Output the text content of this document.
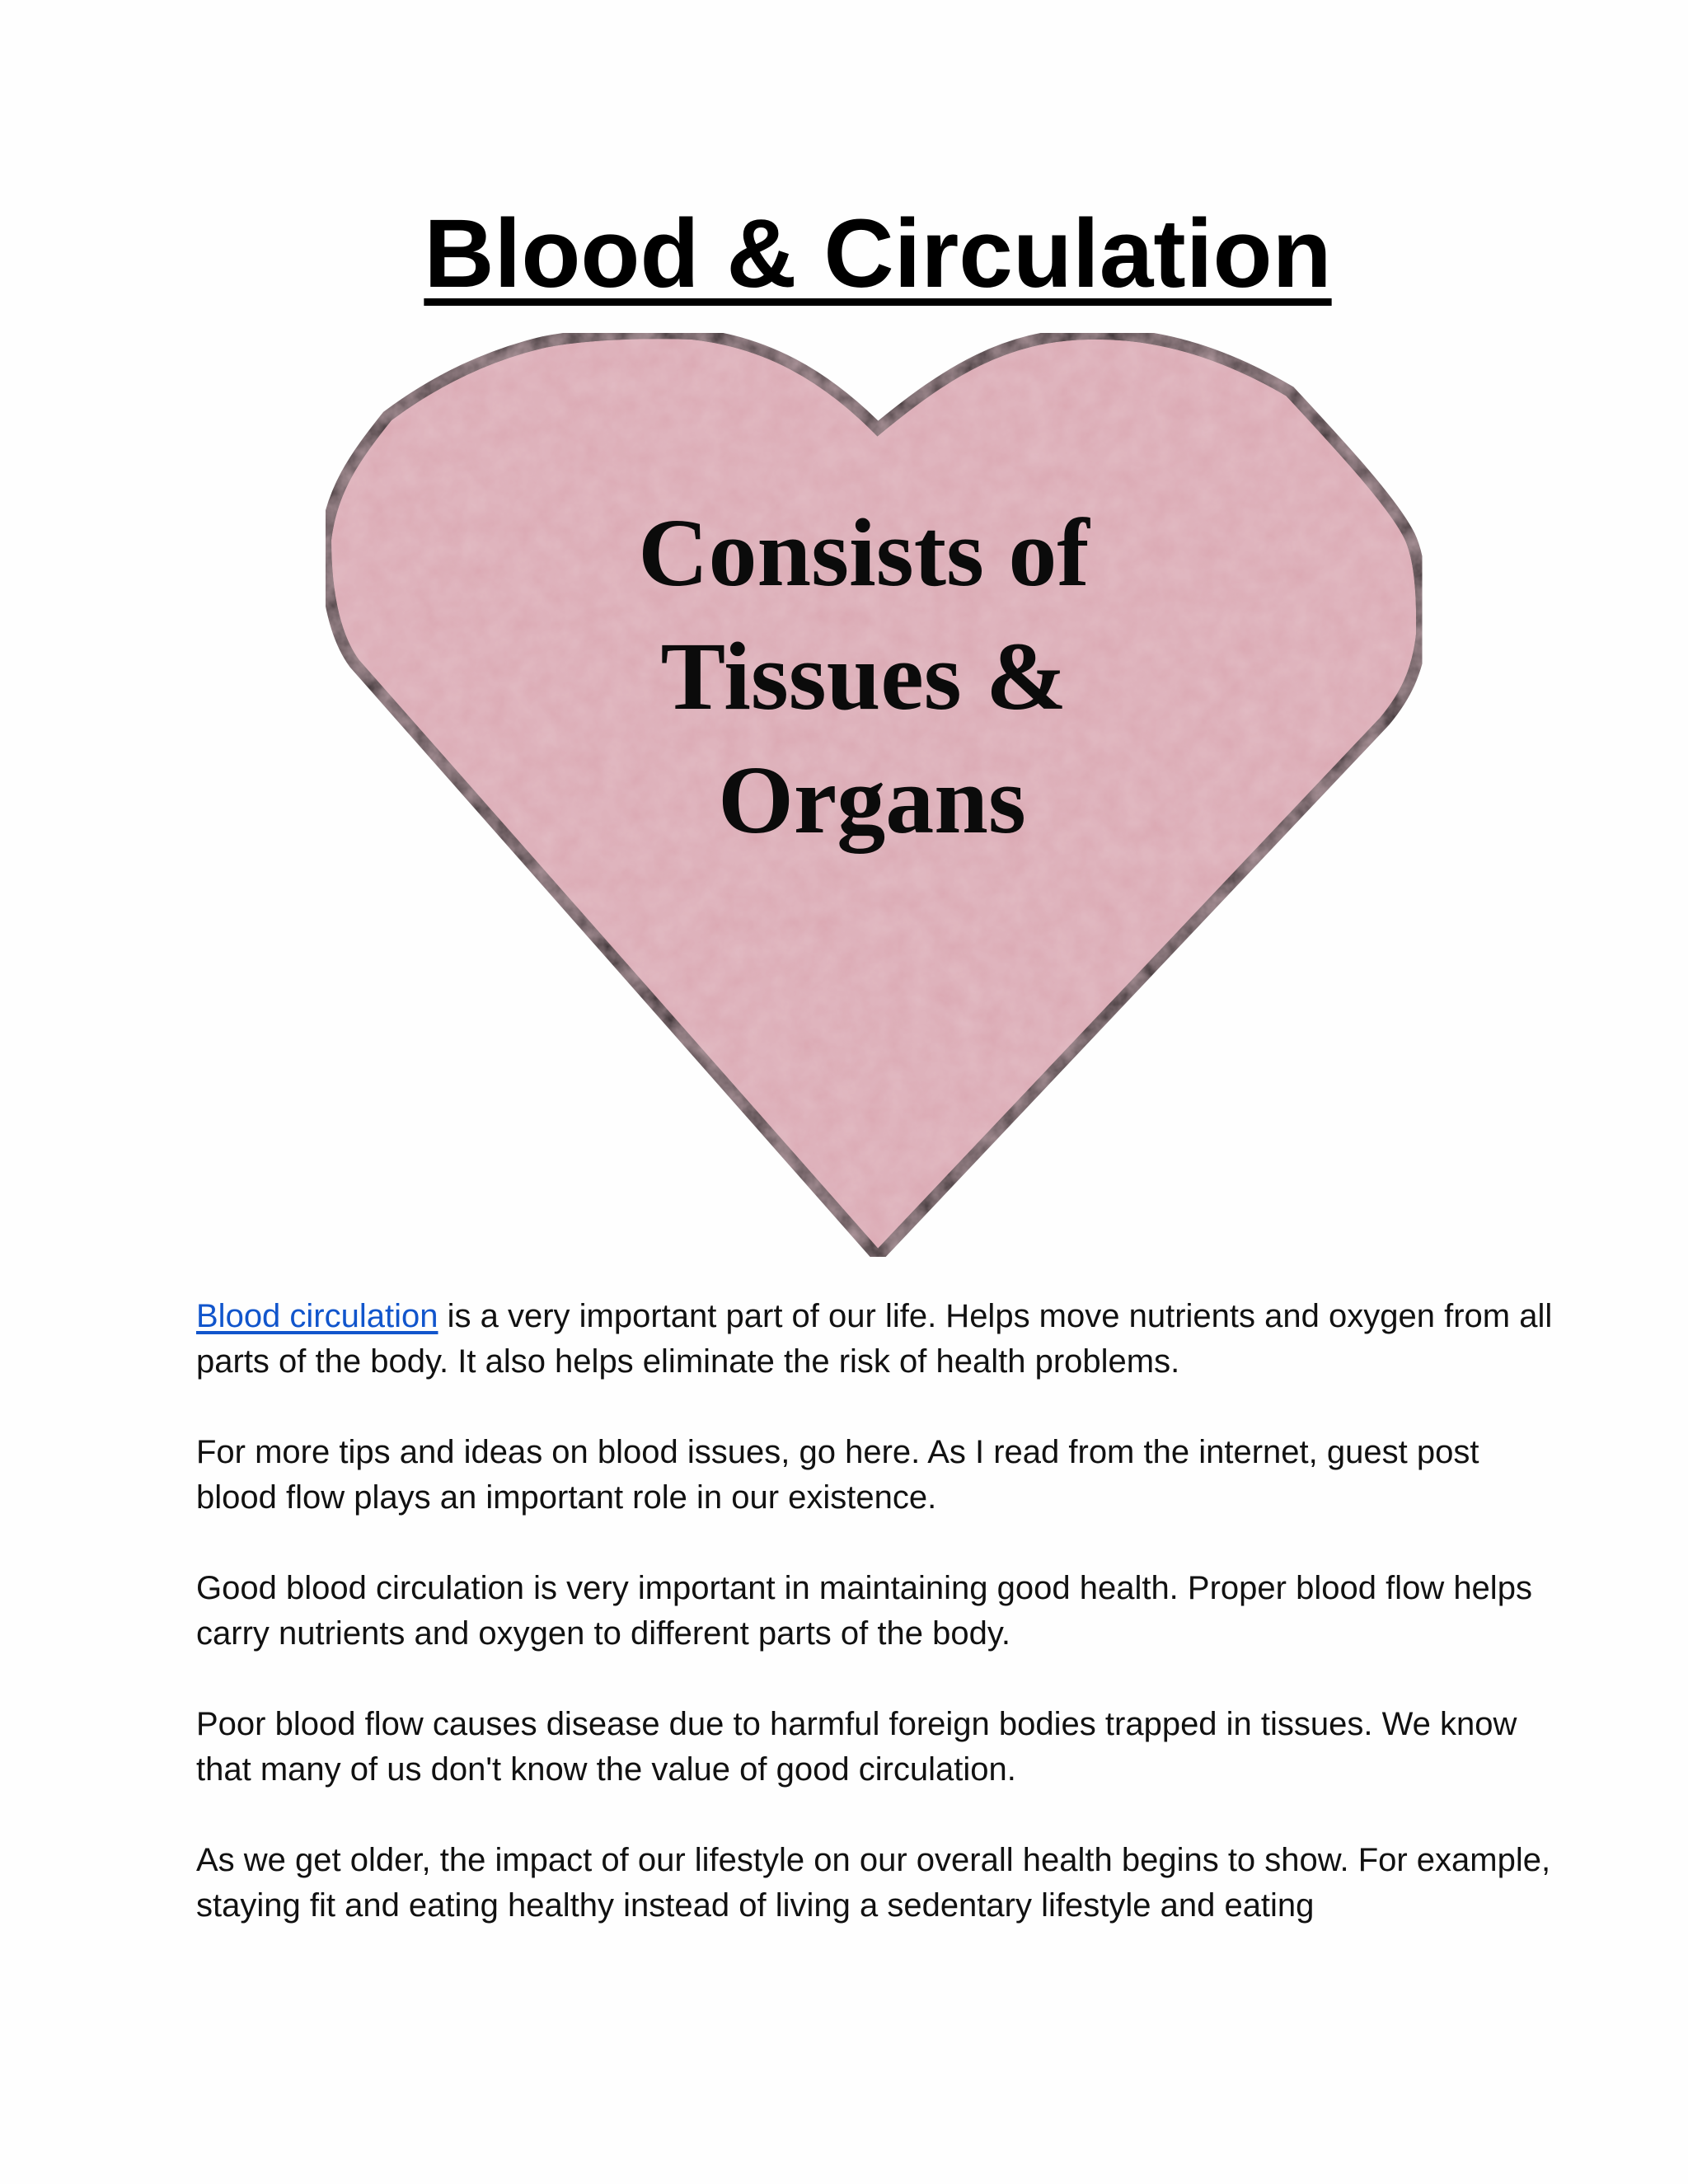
Blood & Circulation
Consists of
Tissues &
Organs

Blood circulation is a very important part of our life. Helps move nutrients and oxygen from all parts of the body. It also helps eliminate the risk of health problems.

For more tips and ideas on blood issues, go here. As I read from the internet, guest post blood flow plays an important role in our existence.

Good blood circulation is very important in maintaining good health. Proper blood flow helps carry nutrients and oxygen to different parts of the body.

Poor blood flow causes disease due to harmful foreign bodies trapped in tissues. We know that many of us don't know the value of good circulation.

As we get older, the impact of our lifestyle on our overall health begins to show. For example, staying fit and eating healthy instead of living a sedentary lifestyle and eating
